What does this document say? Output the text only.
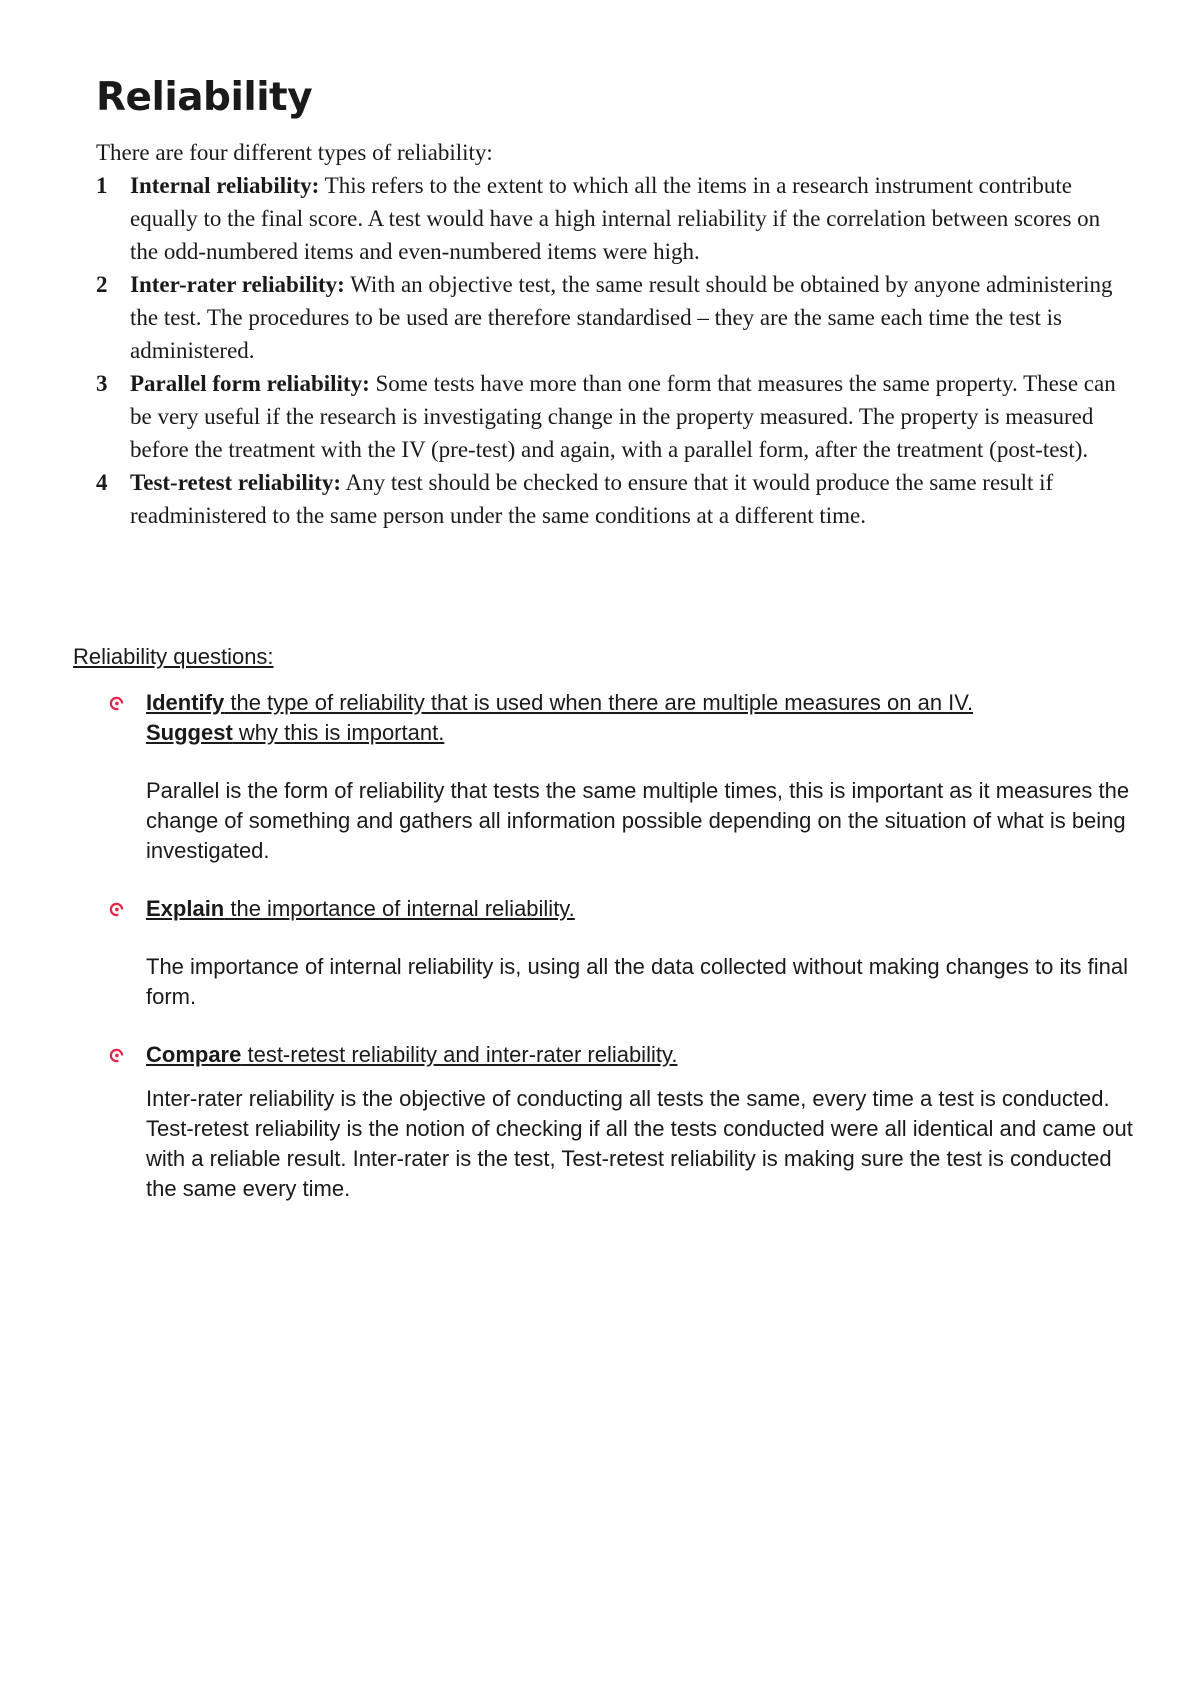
Reliability

There are four different types of reliability:

1 Internal reliability: This refers to the extent to which all the items in a research instrument contribute equally to the final score. A test would have a high internal reliability if the correlation between scores on the odd-numbered items and even-numbered items were high.
2 Inter-rater reliability: With an objective test, the same result should be obtained by anyone administering the test. The procedures to be used are therefore standardised – they are the same each time the test is administered.
3 Parallel form reliability: Some tests have more than one form that measures the same property. These can be very useful if the research is investigating change in the property measured. The property is measured before the treatment with the IV (pre-test) and again, with a parallel form, after the treatment (post-test).
4 Test-retest reliability: Any test should be checked to ensure that it would produce the same result if readministered to the same person under the same conditions at a different time.

Reliability questions:

Identify the type of reliability that is used when there are multiple measures on an IV.
Suggest why this is important.

Parallel is the form of reliability that tests the same multiple times, this is important as it measures the change of something and gathers all information possible depending on the situation of what is being investigated.

Explain the importance of internal reliability.

The importance of internal reliability is, using all the data collected without making changes to its final form.

Compare test-retest reliability and inter-rater reliability.

Inter-rater reliability is the objective of conducting all tests the same, every time a test is conducted. Test-retest reliability is the notion of checking if all the tests conducted were all identical and came out with a reliable result. Inter-rater is the test, Test-retest reliability is making sure the test is conducted the same every time.
